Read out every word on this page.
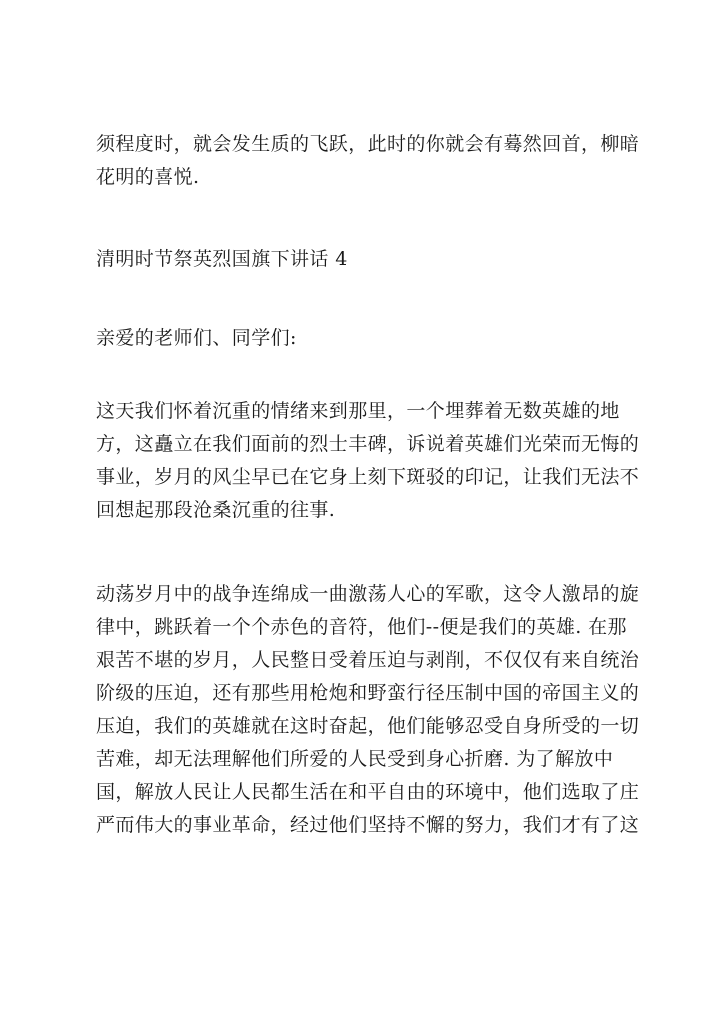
须程度时，就会发生质的飞跃，此时的你就会有蓦然回首，柳暗
花明的喜悦.

清明时节祭英烈国旗下讲话 4

亲爱的老师们、同学们:

这天我们怀着沉重的情绪来到那里，一个埋葬着无数英雄的地
方，这矗立在我们面前的烈士丰碑，诉说着英雄们光荣而无悔的
事业，岁月的风尘早已在它身上刻下斑驳的印记，让我们无法不
回想起那段沧桑沉重的往事.

动荡岁月中的战争连绵成一曲激荡人心的军歌，这令人激昂的旋
律中，跳跃着一个个赤色的音符，他们--便是我们的英雄. 在那
艰苦不堪的岁月，人民整日受着压迫与剥削，不仅仅有来自统治
阶级的压迫，还有那些用枪炮和野蛮行径压制中国的帝国主义的
压迫，我们的英雄就在这时奋起，他们能够忍受自身所受的一切
苦难，却无法理解他们所爱的人民受到身心折磨. 为了解放中
国，解放人民让人民都生活在和平自由的环境中，他们选取了庄
严而伟大的事业革命，经过他们坚持不懈的努力，我们才有了这
